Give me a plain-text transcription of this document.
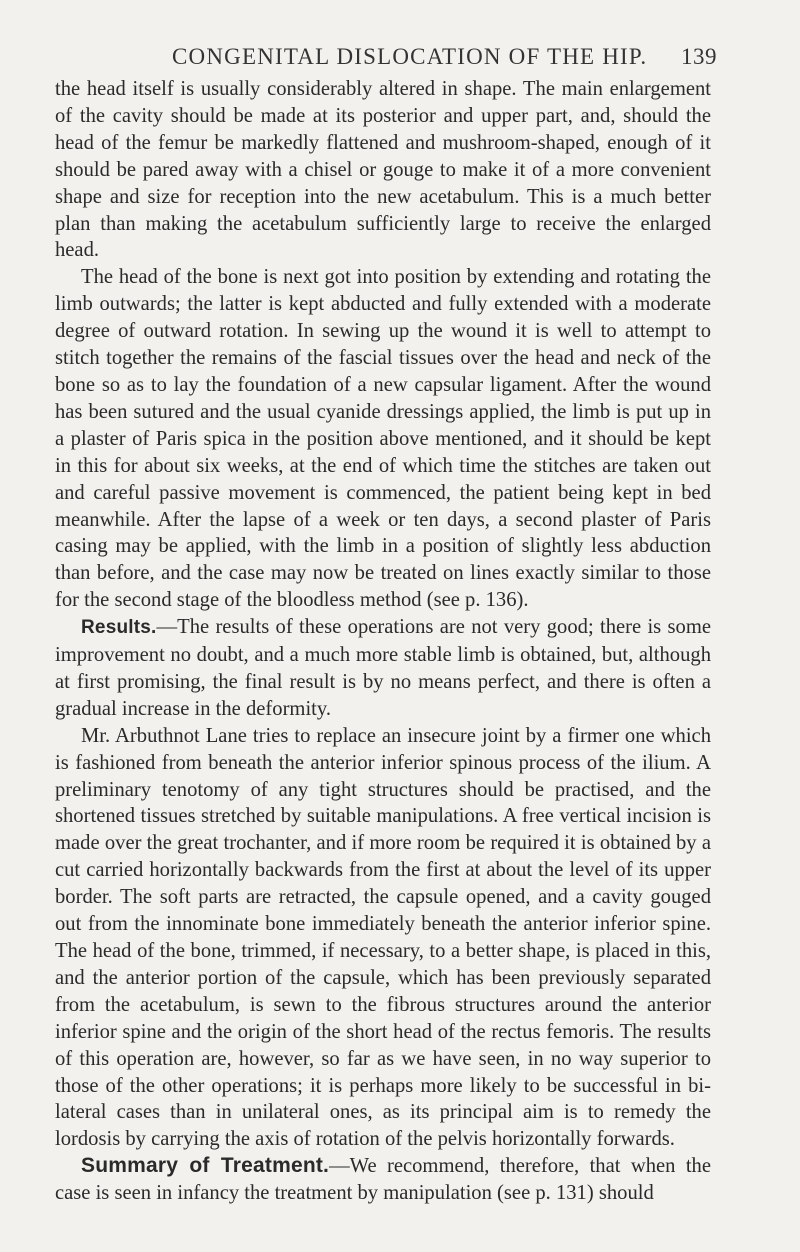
CONGENITAL DISLOCATION OF THE HIP. 139

the head itself is usually considerably altered in shape. The main enlargement of the cavity should be made at its posterior and upper part, and, should the head of the femur be markedly flattened and mushroom-shaped, enough of it should be pared away with a chisel or gouge to make it of a more convenient shape and size for reception into the new acetabulum. This is a much better plan than making the acetabulum sufficiently large to receive the enlarged head.

The head of the bone is next got into position by extending and rotating the limb outwards; the latter is kept abducted and fully extended with a moderate degree of outward rotation. In sewing up the wound it is well to attempt to stitch together the remains of the fascial tissues over the head and neck of the bone so as to lay the foundation of a new capsular ligament. After the wound has been sutured and the usual cyanide dressings applied, the limb is put up in a plaster of Paris spica in the position above mentioned, and it should be kept in this for about six weeks, at the end of which time the stitches are taken out and careful passive movement is commenced, the patient being kept in bed meanwhile. After the lapse of a week or ten days, a second plaster of Paris casing may be applied, with the limb in a position of slightly less abduction than before, and the case may now be treated on lines exactly similar to those for the second stage of the bloodless method (see p. 136).

Results.—The results of these operations are not very good; there is some improvement no doubt, and a much more stable limb is obtained, but, although at first promising, the final result is by no means perfect, and there is often a gradual increase in the deformity.

Mr. Arbuthnot Lane tries to replace an insecure joint by a firmer one which is fashioned from beneath the anterior inferior spinous process of the ilium. A preliminary tenotomy of any tight structures should be practised, and the shortened tissues stretched by suitable manipulations. A free vertical incision is made over the great trochanter, and if more room be required it is obtained by a cut carried horizontally backwards from the first at about the level of its upper border. The soft parts are retracted, the capsule opened, and a cavity gouged out from the innominate bone immediately beneath the anterior inferior spine. The head of the bone, trimmed, if necessary, to a better shape, is placed in this, and the anterior portion of the capsule, which has been previously separated from the acetabulum, is sewn to the fibrous structures around the anterior inferior spine and the origin of the short head of the rectus femoris. The results of this operation are, however, so far as we have seen, in no way superior to those of the other operations; it is perhaps more likely to be successful in bi-lateral cases than in unilateral ones, as its principal aim is to remedy the lordosis by carrying the axis of rotation of the pelvis horizontally forwards.

Summary of Treatment.—We recommend, therefore, that when the case is seen in infancy the treatment by manipulation (see p. 131) should
